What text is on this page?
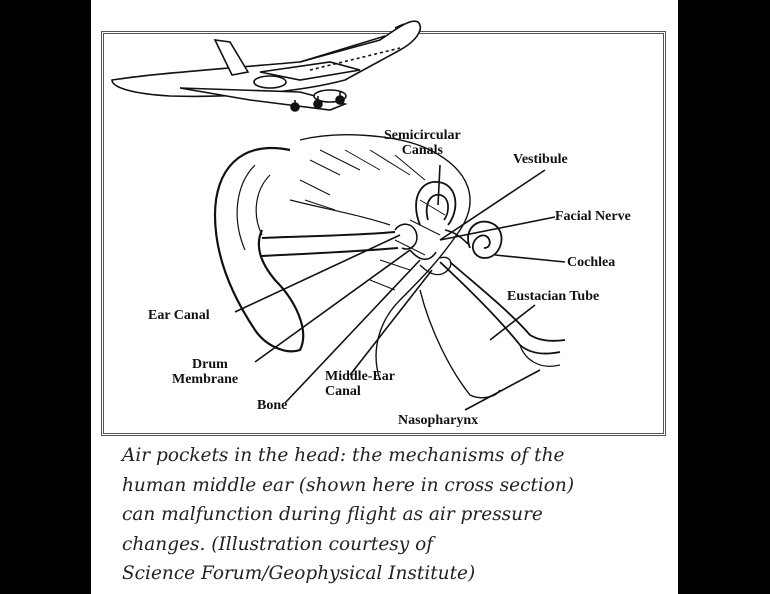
Semicircular
Canals
Vestibule
Facial Nerve
Cochlea
Eustacian Tube
Ear Canal
Drum
Membrane	Middle-Ear
Canal
Bone
Nasopharynx
Air pockets in the head: the mechanisms of the
human middle ear (shown here in cross section)
can malfunction during flight as air pressure
changes. (Illustration courtesy of
Science Forum/Geophysical Institute)
